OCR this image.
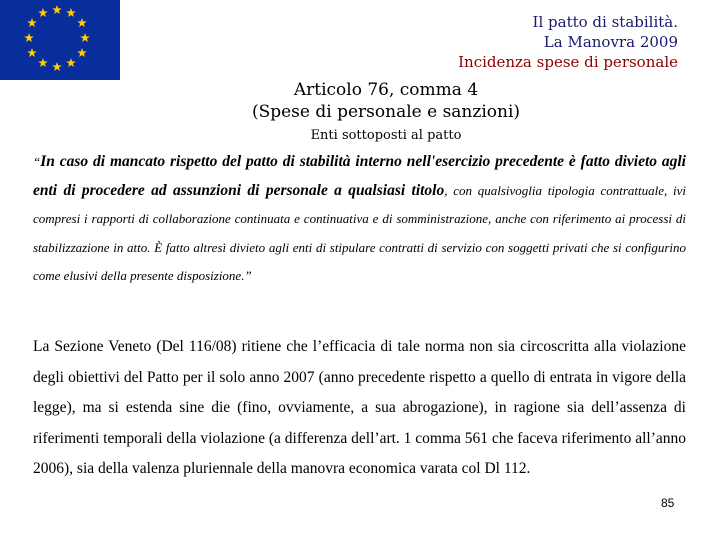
Il patto di stabilità.
La Manovra 2009
Incidenza spese di personale
Articolo 76, comma 4
(Spese di personale e sanzioni)
Enti sottoposti al patto
“In caso di mancato rispetto del patto di stabilità interno nell'esercizio precedente è fatto divieto agli enti di procedere ad assunzioni di personale a qualsiasi titolo, con qualsivoglia tipologia contrattuale, ivi compresi i rapporti di collaborazione continuata e continuativa e di somministrazione, anche con riferimento ai processi di stabilizzazione in atto. È fatto altresì divieto agli enti di stipulare contratti di servizio con soggetti privati che si configurino come elusivi della presente disposizione.”
La Sezione Veneto (Del 116/08) ritiene che l’efficacia di tale norma non sia circoscritta alla violazione degli obiettivi del Patto per il solo anno 2007 (anno precedente rispetto a quello di entrata in vigore della legge), ma si estenda sine die (fino, ovviamente, a sua abrogazione), in ragione sia dell’assenza di riferimenti temporali della violazione (a differenza dell’art. 1 comma 561 che faceva riferimento all’anno 2006), sia della valenza pluriennale della manovra economica varata col Dl 112.
85
